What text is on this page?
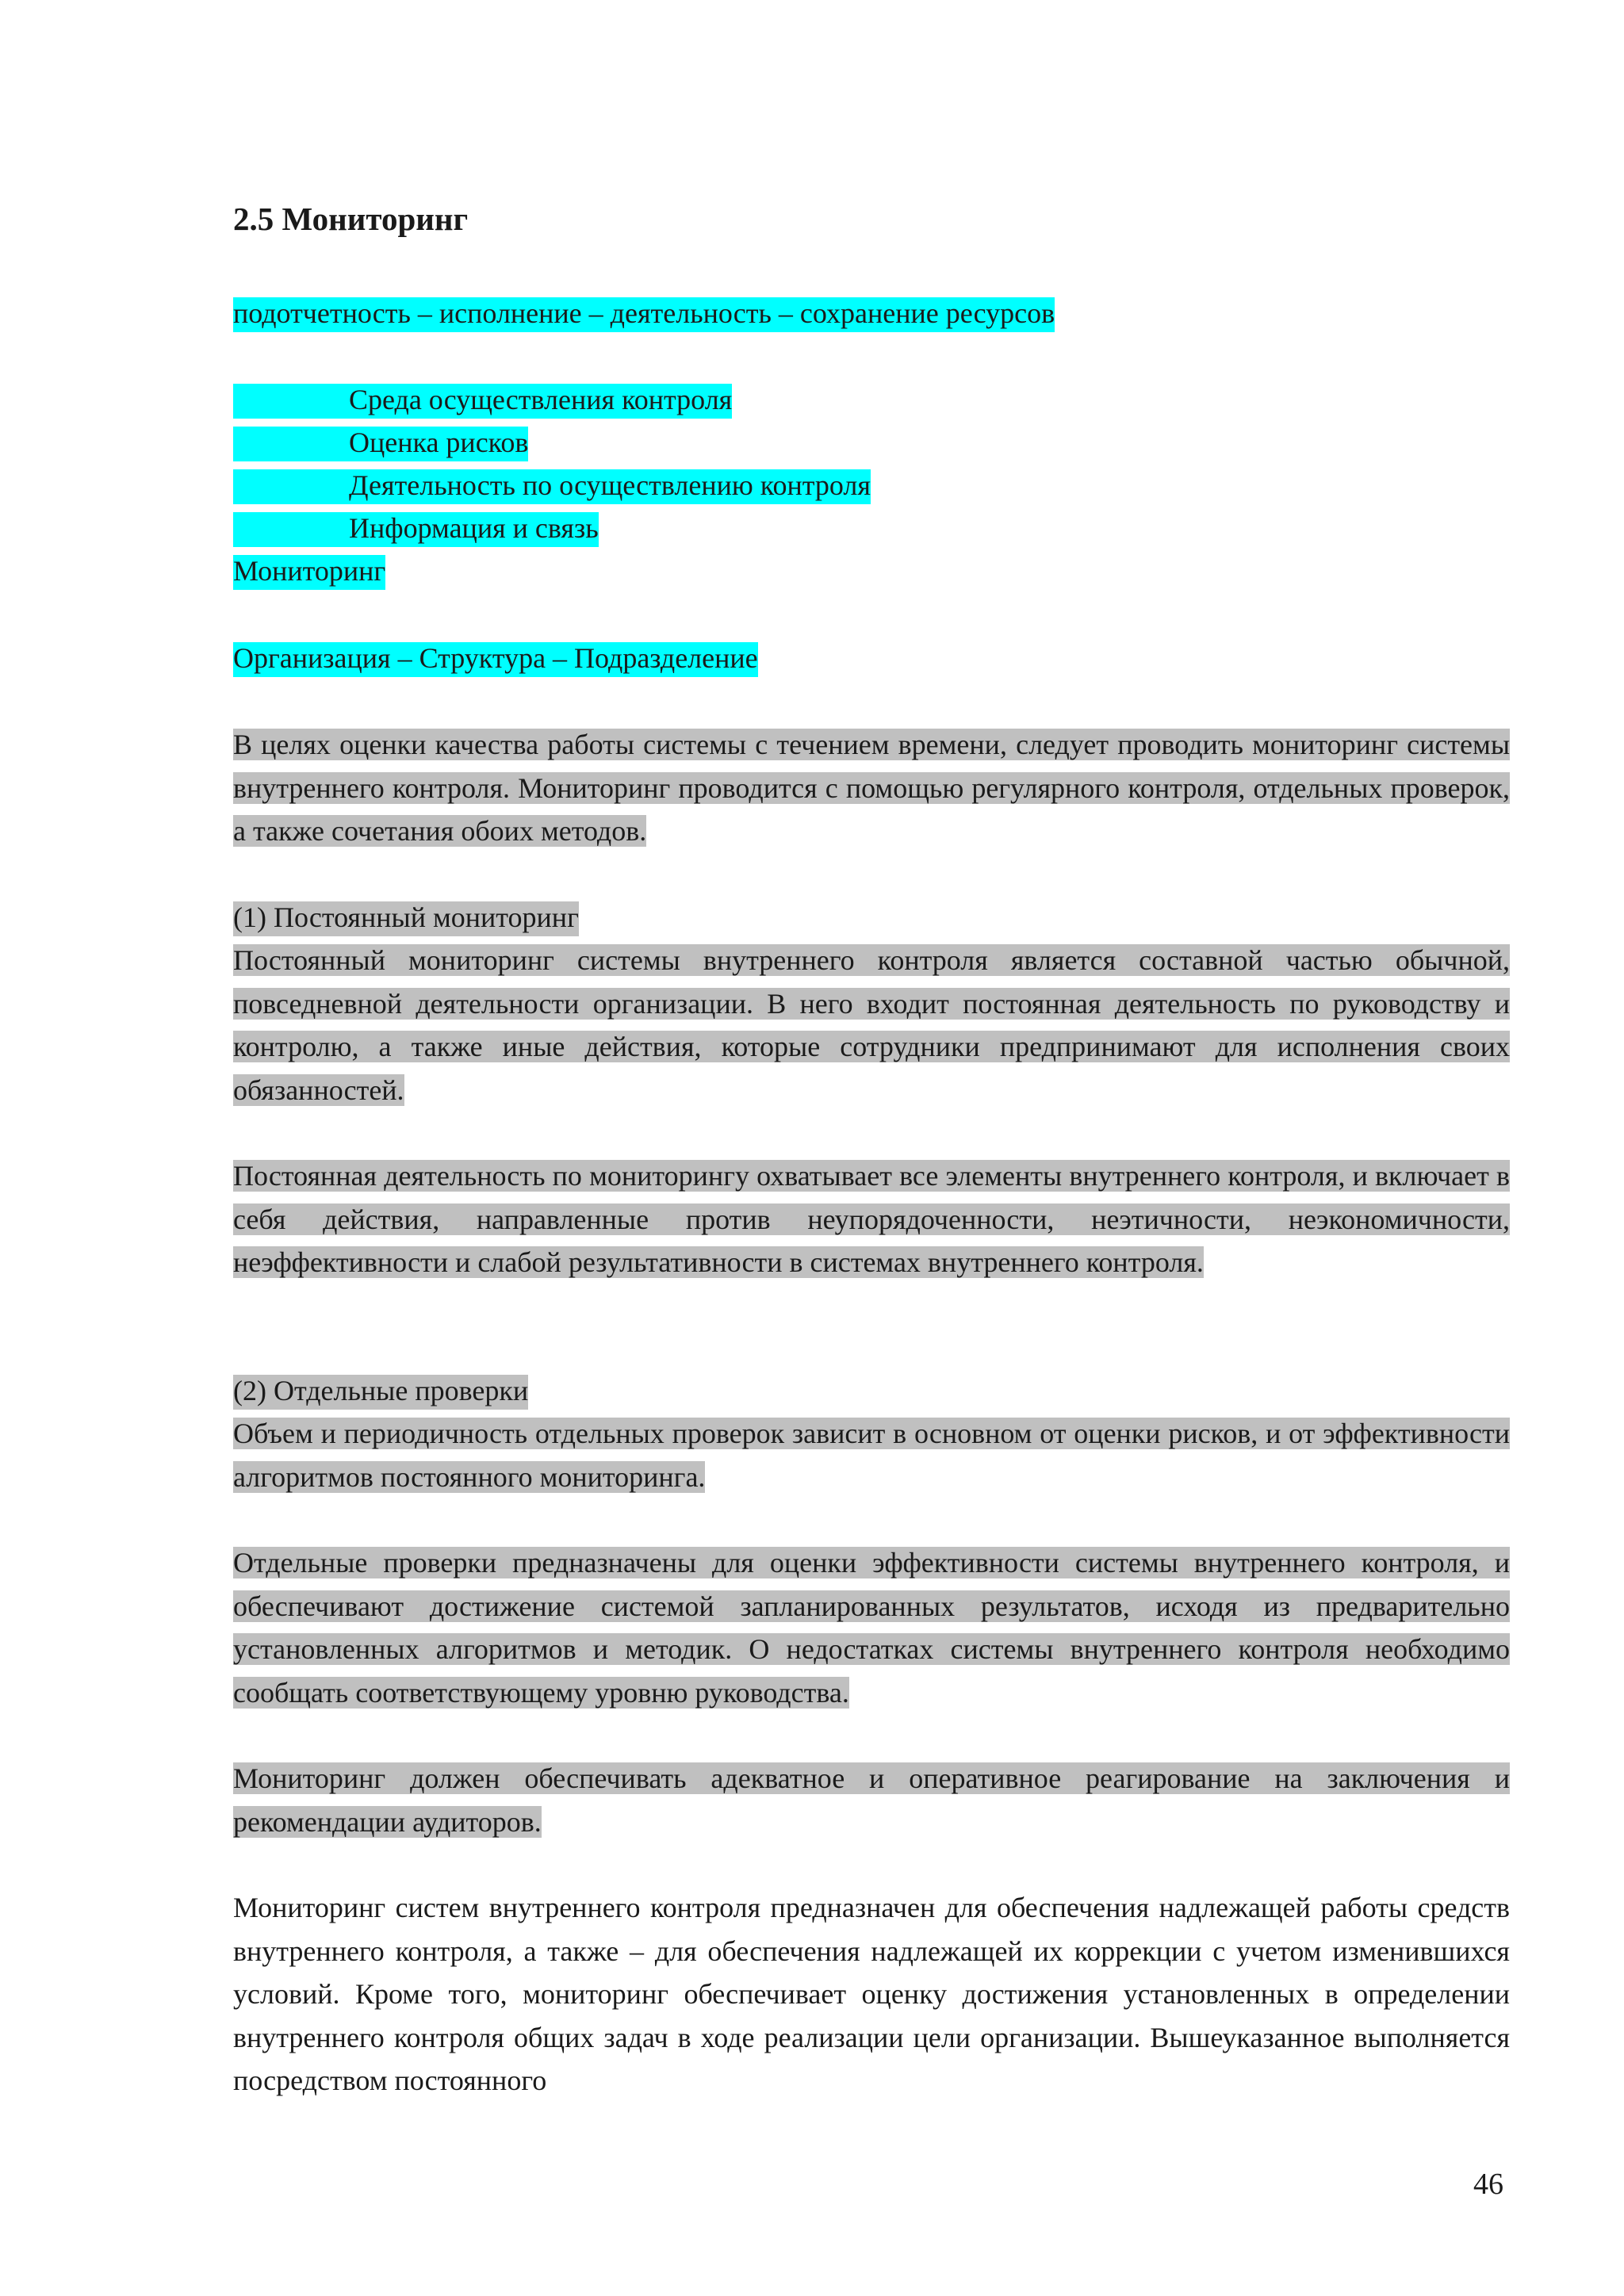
2.5 Мониторинг
подотчетность – исполнение – деятельность – сохранение ресурсов
Среда осуществления контроля
Оценка рисков
Деятельность по осуществлению контроля
Информация и связь
Мониторинг
Организация – Структура – Подразделение

В целях оценки качества работы системы с течением времени, следует проводить мониторинг системы внутреннего контроля. Мониторинг проводится с помощью регулярного контроля, отдельных проверок, а также сочетания обоих методов.

(1) Постоянный мониторинг

Постоянный мониторинг системы внутреннего контроля является составной частью обычной, повседневной деятельности организации. В него входит постоянная деятельность по руководству и контролю, а также иные действия, которые сотрудники предпринимают для исполнения своих обязанностей.

Постоянная деятельность по мониторингу охватывает все элементы внутреннего контроля, и включает в себя действия, направленные против неупорядоченности, неэтичности, неэкономичности, неэффективности и слабой результативности в системах внутреннего контроля.

(2) Отдельные проверки

Объем и периодичность отдельных проверок зависит в основном от оценки рисков, и от эффективности алгоритмов постоянного мониторинга.

Отдельные проверки предназначены для оценки эффективности системы внутреннего контроля, и обеспечивают достижение системой запланированных результатов, исходя из предварительно установленных алгоритмов и методик. О недостатках системы внутреннего контроля необходимо сообщать соответствующему уровню руководства.

Мониторинг должен обеспечивать адекватное и оперативное реагирование на заключения и рекомендации аудиторов.

Мониторинг систем внутреннего контроля предназначен для обеспечения надлежащей работы средств внутреннего контроля, а также – для обеспечения надлежащей их коррекции с учетом изменившихся условий. Кроме того, мониторинг обеспечивает оценку достижения установленных в определении внутреннего контроля общих задач в ходе реализации цели организации. Вышеуказанное выполняется посредством постоянного

46
